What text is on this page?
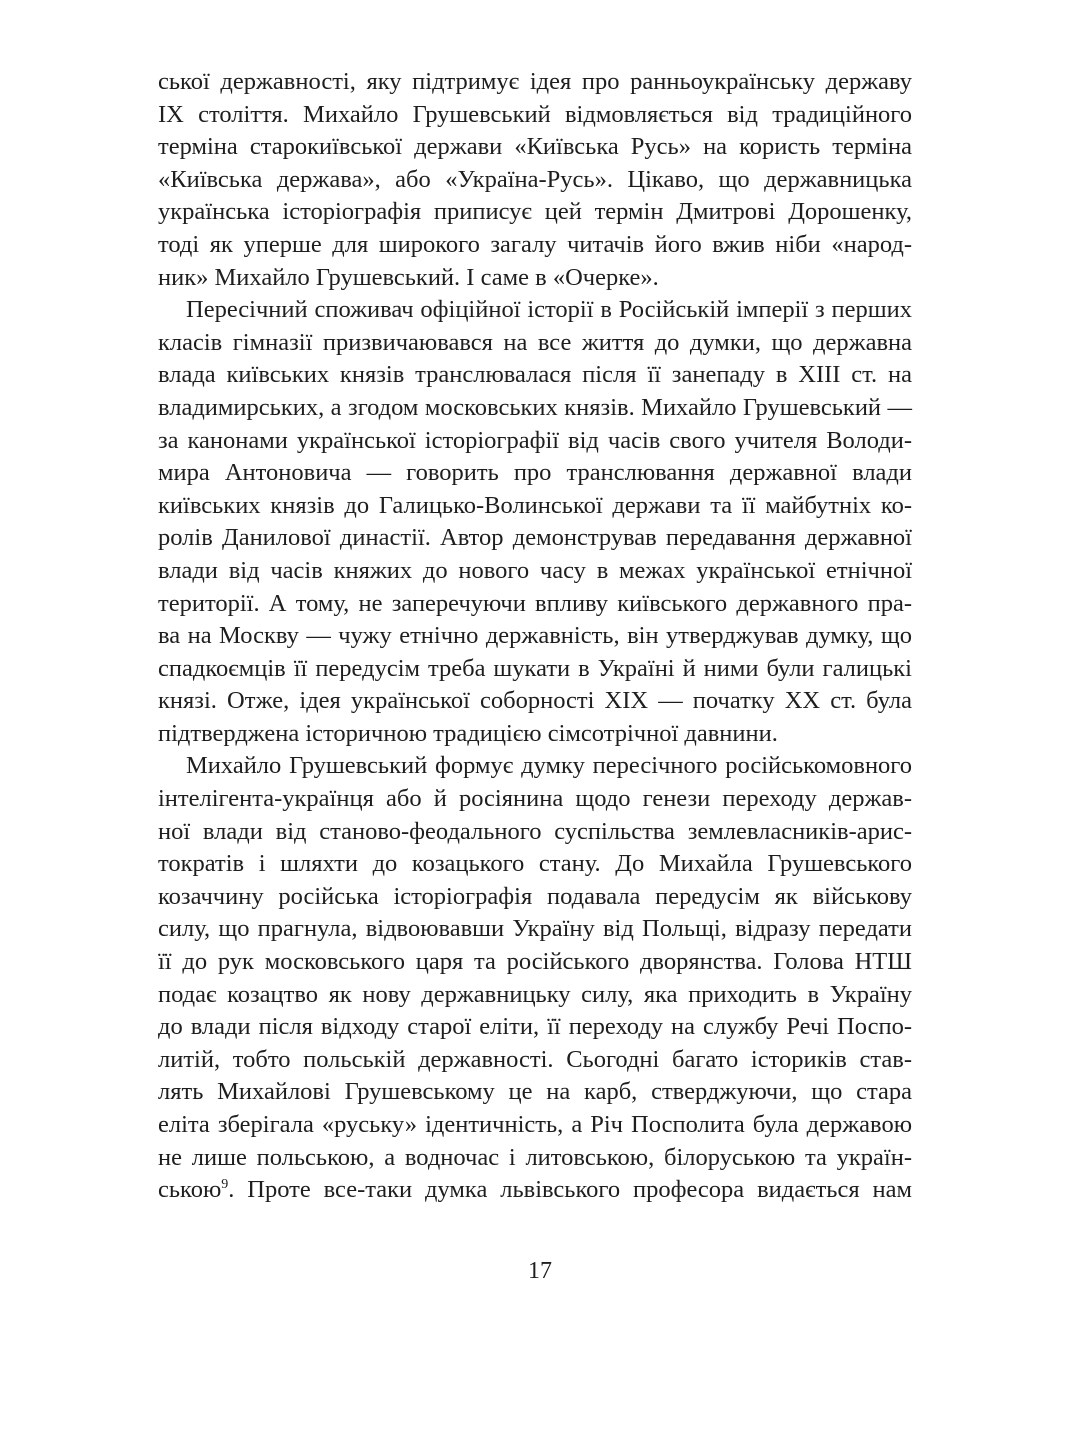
ської державності, яку підтримує ідея про ранньоукраїнську державу
IX століття. Михайло Грушевський відмовляється від традиційного
терміна старокиївської держави «Київська Русь» на користь терміна
«Київська держава», або «Україна-Русь». Цікаво, що державницька
українська історіографія приписує цей термін Дмитрові Дорошенку,
тоді як уперше для широкого загалу читачів його вжив ніби «народ-
ник» Михайло Грушевський. І саме в «Очерке».
Пересічний споживач офіційної історії в Російській імперії з перших
класів гімназії призвичаювався на все життя до думки, що державна
влада київських князів транслювалася після її занепаду в XIII ст. на
владимирських, а згодом московських князів. Михайло Грушевський —
за канонами української історіографії від часів свого учителя Володи-
мира Антоновича — говорить про транслювання державної влади
київських князів до Галицько-Волинської держави та її майбутніх ко-
ролів Данилової династії. Автор демонстрував передавання державної
влади від часів княжих до нового часу в межах української етнічної
території. А тому, не заперечуючи впливу київського державного пра-
ва на Москву — чужу етнічно державність, він утверджував думку, що
спадкоємців її передусім треба шукати в Україні й ними були галицькі
князі. Отже, ідея української соборності XIX — початку XX ст. була
підтверджена історичною традицією сімсотрічної давнини.
Михайло Грушевський формує думку пересічного російськомовного
інтелігента-українця або й росіянина щодо генези переходу держав-
ної влади від станово-феодального суспільства землевласників-арис-
тократів і шляхти до козацького стану. До Михайла Грушевського
козаччину російська історіографія подавала передусім як військову
силу, що прагнула, відвоювавши Україну від Польщі, відразу передати
її до рук московського царя та російського дворянства. Голова НТШ
подає козацтво як нову державницьку силу, яка приходить в Україну
до влади після відходу старої еліти, її переходу на службу Речі Поспо-
литій, тобто польській державності. Сьогодні багато істориків став-
лять Михайлові Грушевському це на карб, стверджуючи, що стара
еліта зберігала «руську» ідентичність, а Річ Посполита була державою
не лише польською, а водночас і литовською, білоруською та україн-
ською$^9$. Проте все-таки думка львівського професора видається нам
17
